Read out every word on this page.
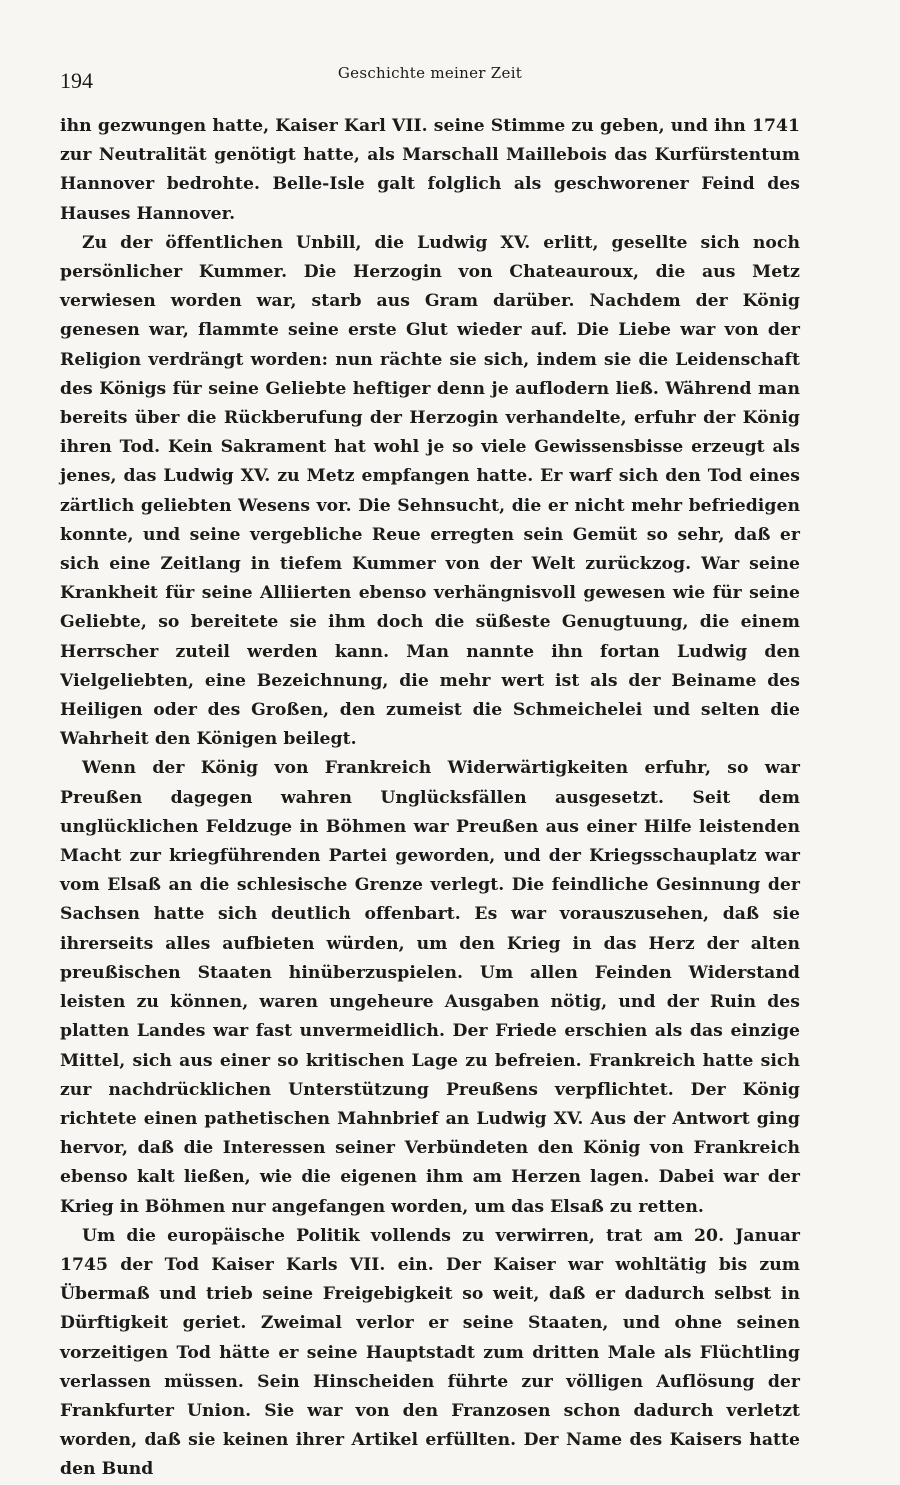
194	Geschichte meiner Zeit

ihn gezwungen hatte, Kaiser Karl VII. seine Stimme zu geben, und ihn 1741 zur Neutralität genötigt hatte, als Marschall Maillebois das Kurfürstentum Hannover bedrohte. Belle-Isle galt folglich als geschworener Feind des Hauses Hannover.

Zu der öffentlichen Unbill, die Ludwig XV. erlitt, gesellte sich noch persönlicher Kummer. Die Herzogin von Chateauroux, die aus Metz verwiesen worden war, starb aus Gram darüber. Nachdem der König genesen war, flammte seine erste Glut wieder auf. Die Liebe war von der Religion verdrängt worden: nun rächte sie sich, indem sie die Leidenschaft des Königs für seine Geliebte heftiger denn je auflodern ließ. Während man bereits über die Rückberufung der Herzogin verhandelte, erfuhr der König ihren Tod. Kein Sakrament hat wohl je so viele Gewissensbisse erzeugt als jenes, das Ludwig XV. zu Metz empfangen hatte. Er warf sich den Tod eines zärtlich geliebten Wesens vor. Die Sehnsucht, die er nicht mehr befriedigen konnte, und seine vergebliche Reue erregten sein Gemüt so sehr, daß er sich eine Zeitlang in tiefem Kummer von der Welt zurückzog. War seine Krankheit für seine Alliierten ebenso verhängnisvoll gewesen wie für seine Geliebte, so bereitete sie ihm doch die süßeste Genugtuung, die einem Herrscher zuteil werden kann. Man nannte ihn fortan Ludwig den Vielgeliebten, eine Bezeichnung, die mehr wert ist als der Beiname des Heiligen oder des Großen, den zumeist die Schmeichelei und selten die Wahrheit den Königen beilegt.

Wenn der König von Frankreich Widerwärtigkeiten erfuhr, so war Preußen dagegen wahren Unglücksfällen ausgesetzt. Seit dem unglücklichen Feldzuge in Böhmen war Preußen aus einer Hilfe leistenden Macht zur kriegführenden Partei geworden, und der Kriegsschauplatz war vom Elsaß an die schlesische Grenze verlegt. Die feindliche Gesinnung der Sachsen hatte sich deutlich offenbart. Es war vorauszusehen, daß sie ihrerseits alles aufbieten würden, um den Krieg in das Herz der alten preußischen Staaten hinüberzuspielen. Um allen Feinden Widerstand leisten zu können, waren ungeheure Ausgaben nötig, und der Ruin des platten Landes war fast unvermeidlich. Der Friede erschien als das einzige Mittel, sich aus einer so kritischen Lage zu befreien. Frankreich hatte sich zur nachdrücklichen Unterstützung Preußens verpflichtet. Der König richtete einen pathetischen Mahnbrief an Ludwig XV. Aus der Antwort ging hervor, daß die Interessen seiner Verbündeten den König von Frankreich ebenso kalt ließen, wie die eigenen ihm am Herzen lagen. Dabei war der Krieg in Böhmen nur angefangen worden, um das Elsaß zu retten.

Um die europäische Politik vollends zu verwirren, trat am 20. Januar 1745 der Tod Kaiser Karls VII. ein. Der Kaiser war wohltätig bis zum Übermaß und trieb seine Freigebigkeit so weit, daß er dadurch selbst in Dürftigkeit geriet. Zweimal verlor er seine Staaten, und ohne seinen vorzeitigen Tod hätte er seine Hauptstadt zum dritten Male als Flüchtling verlassen müssen. Sein Hinscheiden führte zur völligen Auflösung der Frankfurter Union. Sie war von den Franzosen schon dadurch verletzt worden, daß sie keinen ihrer Artikel erfüllten. Der Name des Kaisers hatte den Bund
